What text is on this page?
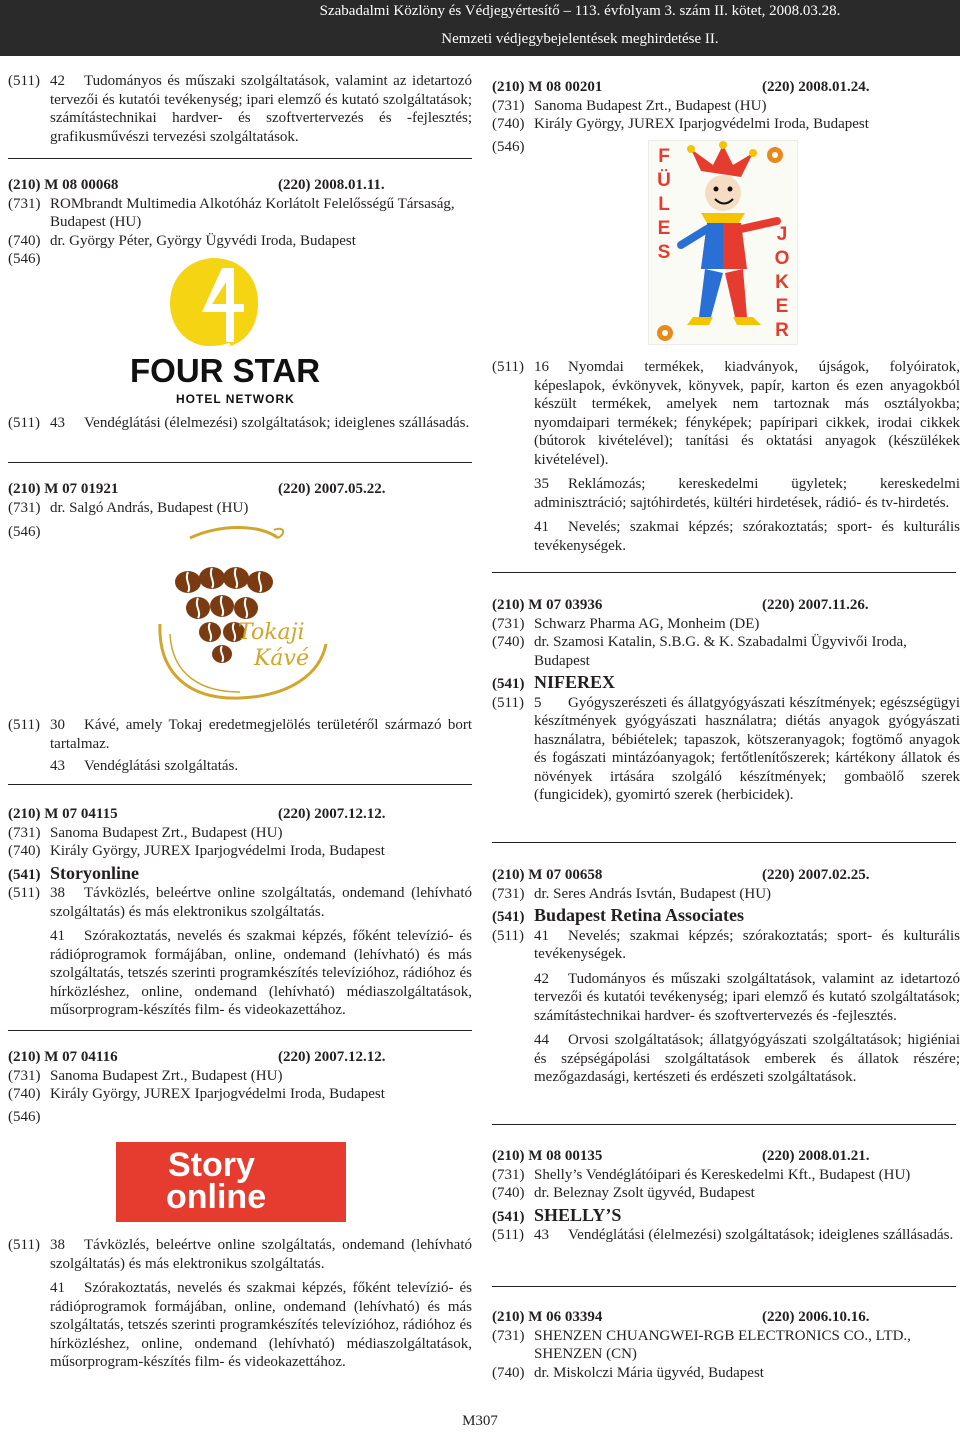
Szabadalmi Közlöny és Védjegyértesítő – 113. évfolyam 3. szám II. kötet, 2008.03.28.
Nemzeti védjegybejelentések meghirdetése II.
(511) 42 Tudományos és műszaki szolgáltatások, valamint az idetartozó tervezői és kutatói tevékenység; ipari elemző és kutató szolgáltatások; számítástechnikai hardver- és szoftvertervezés és -fejlesztés; grafikusművészi tervezési szolgáltatások.
(210) M 08 00068	(220) 2008.01.11.
(731) ROMbrandt Multimedia Alkotóház Korlátolt Felelősségű Társaság, Budapest (HU)
(740) dr. György Péter, György Ügyvédi Iroda, Budapest
(546)
FOUR STAR
HOTEL NETWORK
(511) 43 Vendéglátási (élelmezési) szolgáltatások; ideiglenes szállásadás.
(210) M 07 01921	(220) 2007.05.22.
(731) dr. Salgó András, Budapest (HU)
(546)
Tokaji
Kávé
(511) 30 Kávé, amely Tokaj eredetmegjelölés területéről származó bort tartalmaz.
43 Vendéglátási szolgáltatás.
(210) M 07 04115	(220) 2007.12.12.
(731) Sanoma Budapest Zrt., Budapest (HU)
(740) Király György, JUREX Iparjogvédelmi Iroda, Budapest
(541) Storyonline
(511) 38 Távközlés, beleértve online szolgáltatás, ondemand (lehívható szolgáltatás) és más elektronikus szolgáltatás.
41 Szórakoztatás, nevelés és szakmai képzés, főként televízió- és rádióprogramok formájában, online, ondemand (lehívható) és más szolgáltatás, tetszés szerinti programkészítés televízióhoz, rádióhoz és hírközléshez, online, ondemand (lehívható) médiaszolgáltatások, műsorprogram-készítés film- és videokazettához.
(210) M 07 04116	(220) 2007.12.12.
(731) Sanoma Budapest Zrt., Budapest (HU)
(740) Király György, JUREX Iparjogvédelmi Iroda, Budapest
(546)
Story
online
(511) 38 Távközlés, beleértve online szolgáltatás, ondemand (lehívható szolgáltatás) és más elektronikus szolgáltatás.
41 Szórakoztatás, nevelés és szakmai képzés, főként televízió- és rádióprogramok formájában, online, ondemand (lehívható) és más szolgáltatás, tetszés szerinti programkészítés televízióhoz, rádióhoz és hírközléshez, online, ondemand (lehívható) médiaszolgáltatások, műsorprogram-készítés film- és videokazettához.
(210) M 08 00201	(220) 2008.01.24.
(731) Sanoma Budapest Zrt., Budapest (HU)
(740) Király György, JUREX Iparjogvédelmi Iroda, Budapest
(546)	F
Ü
L
E
S
J
O
K
E
R
(511) 16 Nyomdai termékek, kiadványok, újságok, folyóiratok, képeslapok, évkönyvek, könyvek, papír, karton és ezen anyagokból készült termékek, amelyek nem tartoznak más osztályokba; nyomdaipari termékek; fényképek; papíripari cikkek, irodai cikkek (bútorok kivételével); tanítási és oktatási anyagok (készülékek kivételével).
35 Reklámozás; kereskedelmi ügyletek; kereskedelmi adminisztráció; sajtóhirdetés, kültéri hirdetések, rádió- és tv-hirdetés.
41 Nevelés; szakmai képzés; szórakoztatás; sport- és kulturális tevékenységek.
(210) M 07 03936	(220) 2007.11.26.
(731) Schwarz Pharma AG, Monheim (DE)
(740) dr. Szamosi Katalin, S.B.G. & K. Szabadalmi Ügyvivői Iroda, Budapest
(541) NIFEREX
(511) 5 Gyógyszerészeti és állatgyógyászati készítmények; egészségügyi készítmények gyógyászati használatra; diétás anyagok gyógyászati használatra, bébiételek; tapaszok, kötszeranyagok; fogtömő anyagok és fogászati mintázóanyagok; fertőtlenítőszerek; kártékony állatok és növények irtására szolgáló készítmények; gombaölő szerek (fungicidek), gyomirtó szerek (herbicidek).
(210) M 07 00658	(220) 2007.02.25.
(731) dr. Seres András Isvtán, Budapest (HU)
(541) Budapest Retina Associates
(511) 41 Nevelés; szakmai képzés; szórakoztatás; sport- és kulturális tevékenységek.
42 Tudományos és műszaki szolgáltatások, valamint az idetartozó tervezői és kutatói tevékenység; ipari elemző és kutató szolgáltatások; számítástechnikai hardver- és szoftvertervezés és -fejlesztés.
44 Orvosi szolgáltatások; állatgyógyászati szolgáltatások; higiéniai és szépségápolási szolgáltatások emberek és állatok részére; mezőgazdasági, kertészeti és erdészeti szolgáltatások.
(210) M 08 00135	(220) 2008.01.21.
(731) Shelly’s Vendéglátóipari és Kereskedelmi Kft., Budapest (HU)
(740) dr. Beleznay Zsolt ügyvéd, Budapest
(541) SHELLY’S
(511) 43 Vendéglátási (élelmezési) szolgáltatások; ideiglenes szállásadás.
(210) M 06 03394	(220) 2006.10.16.
(731) SHENZEN CHUANGWEI-RGB ELECTRONICS CO., LTD., SHENZEN (CN)
(740) dr. Miskolczi Mária ügyvéd, Budapest
M307
